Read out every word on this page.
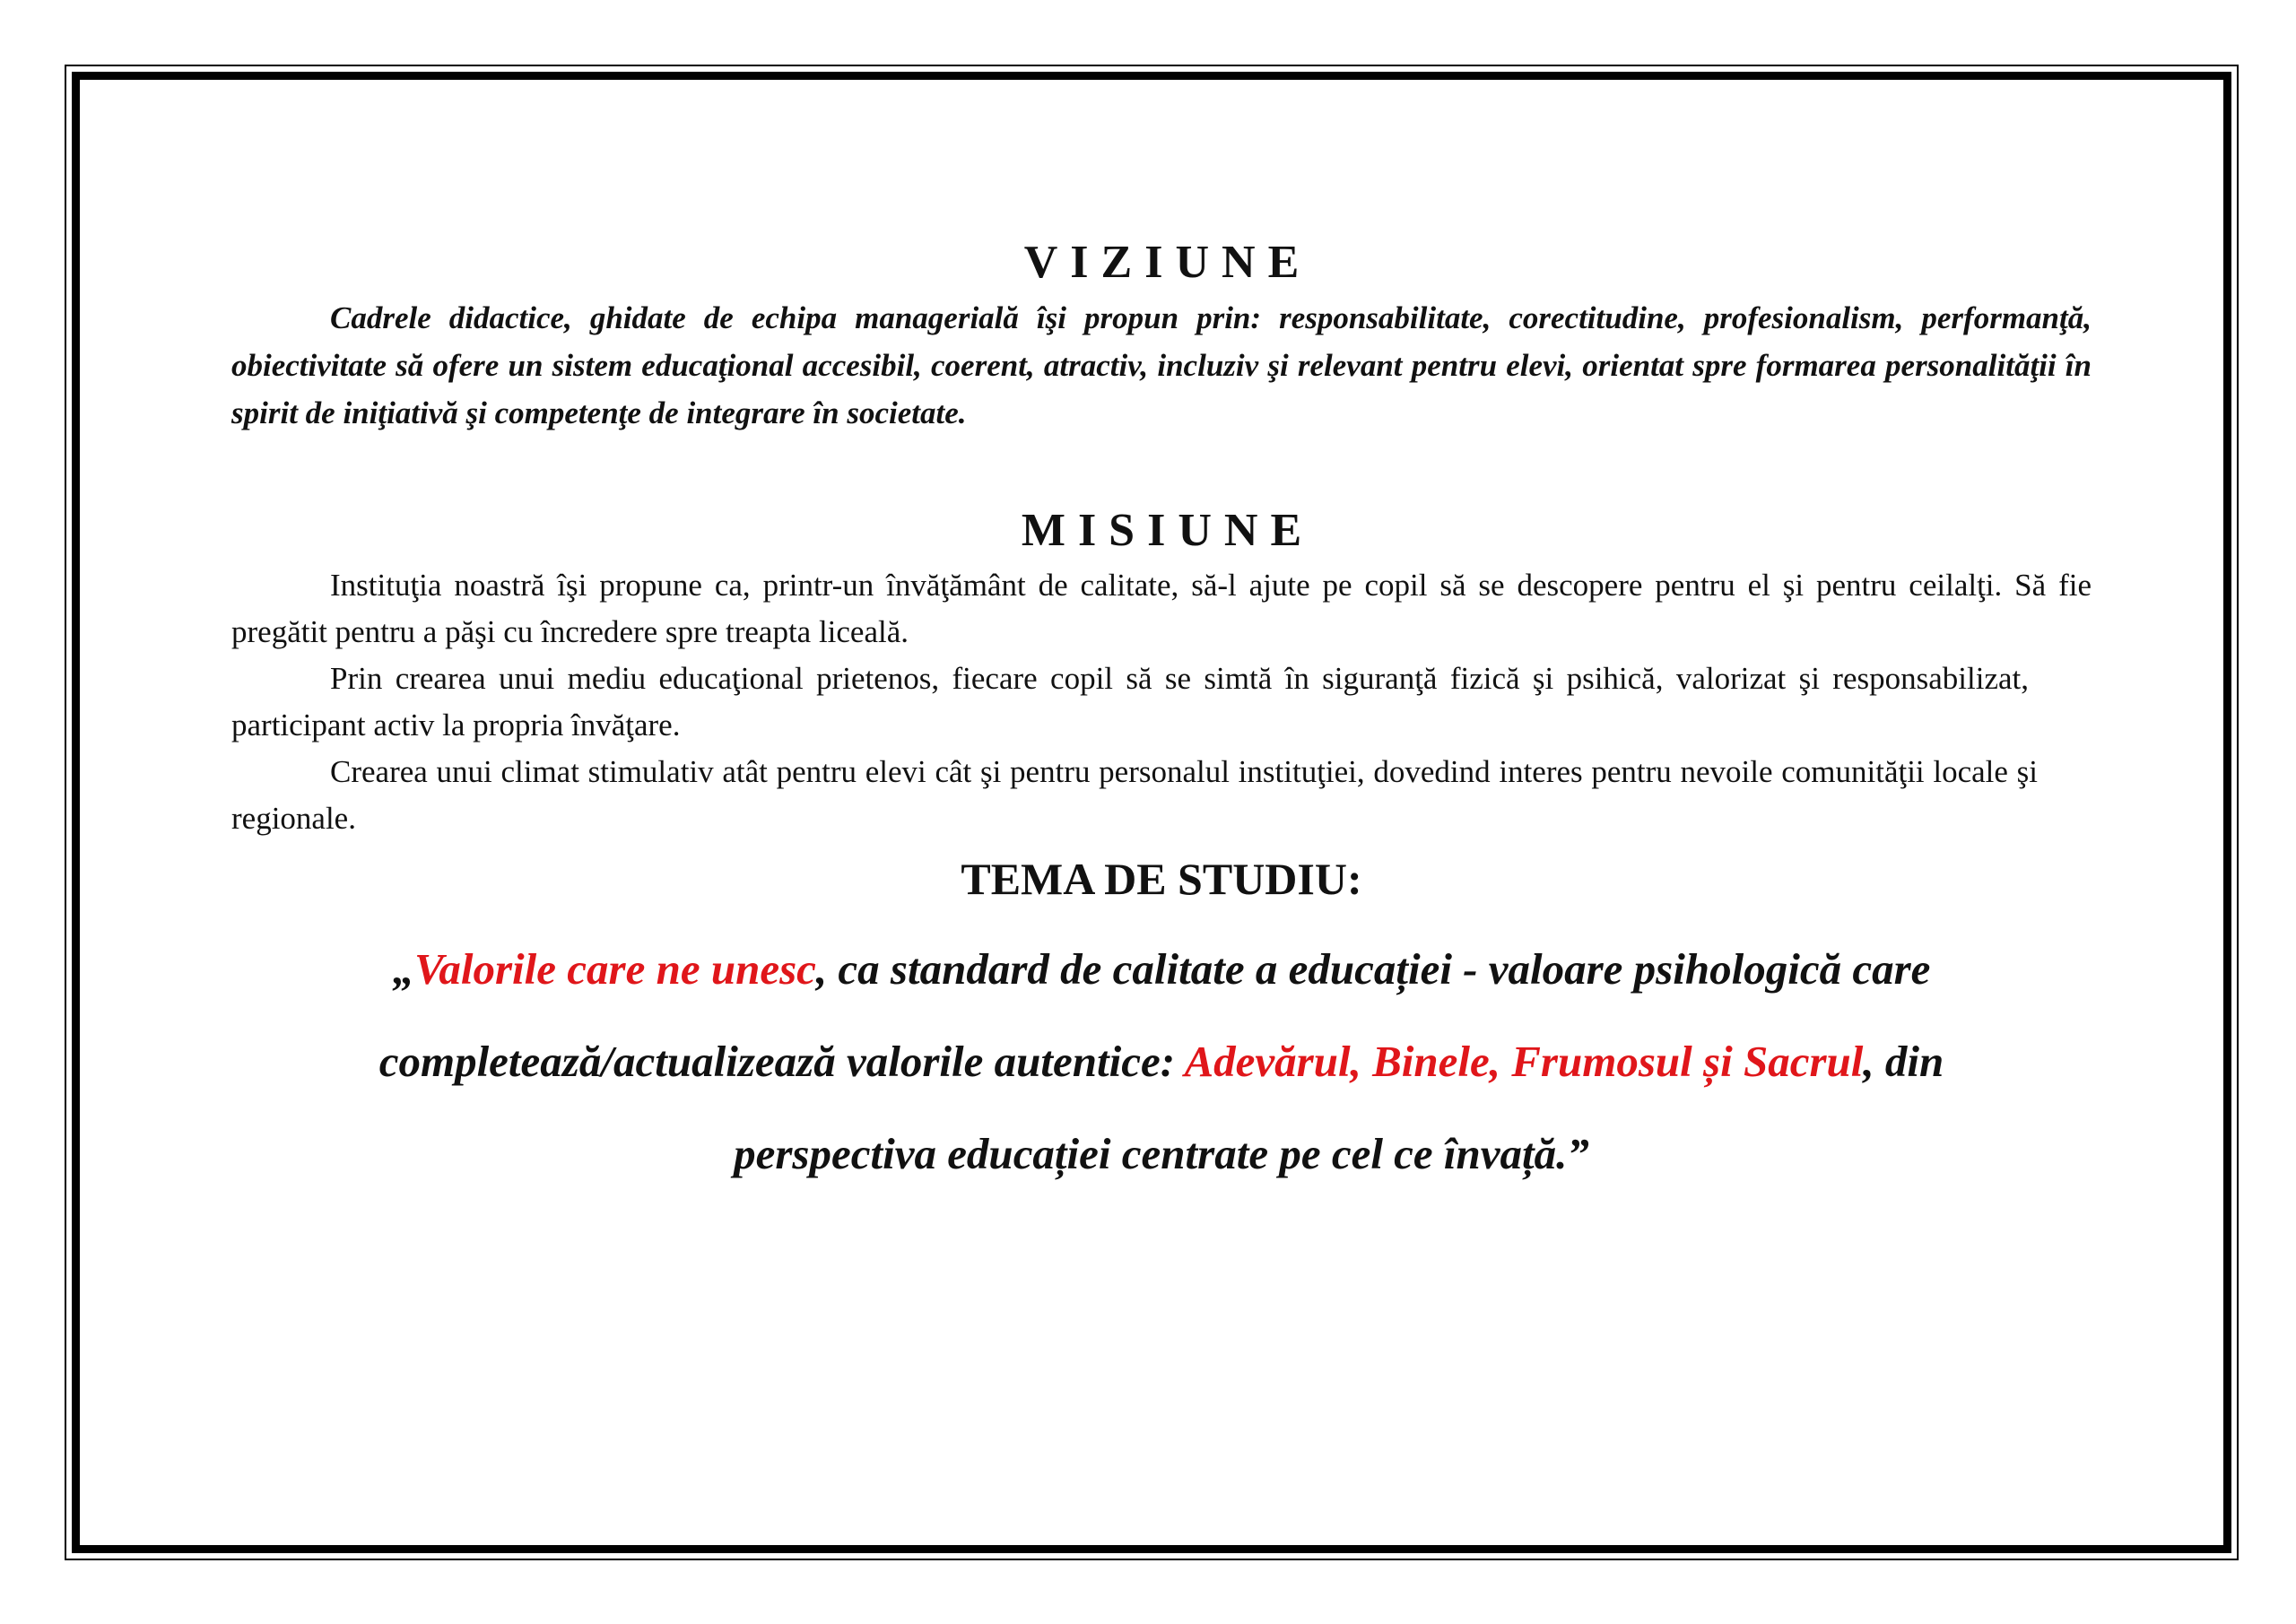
VIZIUNE

Cadrele didactice, ghidate de echipa managerială îşi propun prin: responsabilitate, corectitudine, profesionalism, performanţă, obiectivitate să ofere un sistem educaţional accesibil, coerent, atractiv, incluziv şi relevant pentru elevi, orientat spre formarea personalităţii în spirit de iniţiativă şi competenţe de integrare în societate.

MISIUNE

Instituţia noastră îşi propune ca, printr-un învăţământ de calitate, să-l ajute pe copil să se descopere pentru el şi pentru ceilalţi. Să fie pregătit pentru a păşi cu încredere spre treapta liceală.

Prin crearea unui mediu educaţional prietenos, fiecare copil să se simtă în siguranţă fizică şi psihică, valorizat şi responsabilizat, participant activ la propria învăţare.

Crearea unui climat stimulativ atât pentru elevi cât şi pentru personalul instituţiei, dovedind interes pentru nevoile comunităţii locale şi regionale.

TEMA DE STUDIU:

„Valorile care ne unesc, ca standard de calitate a educației - valoare psihologică care completează/actualizează valorile autentice: Adevărul, Binele, Frumosul și Sacrul, din perspectiva educației centrate pe cel ce învață.”
